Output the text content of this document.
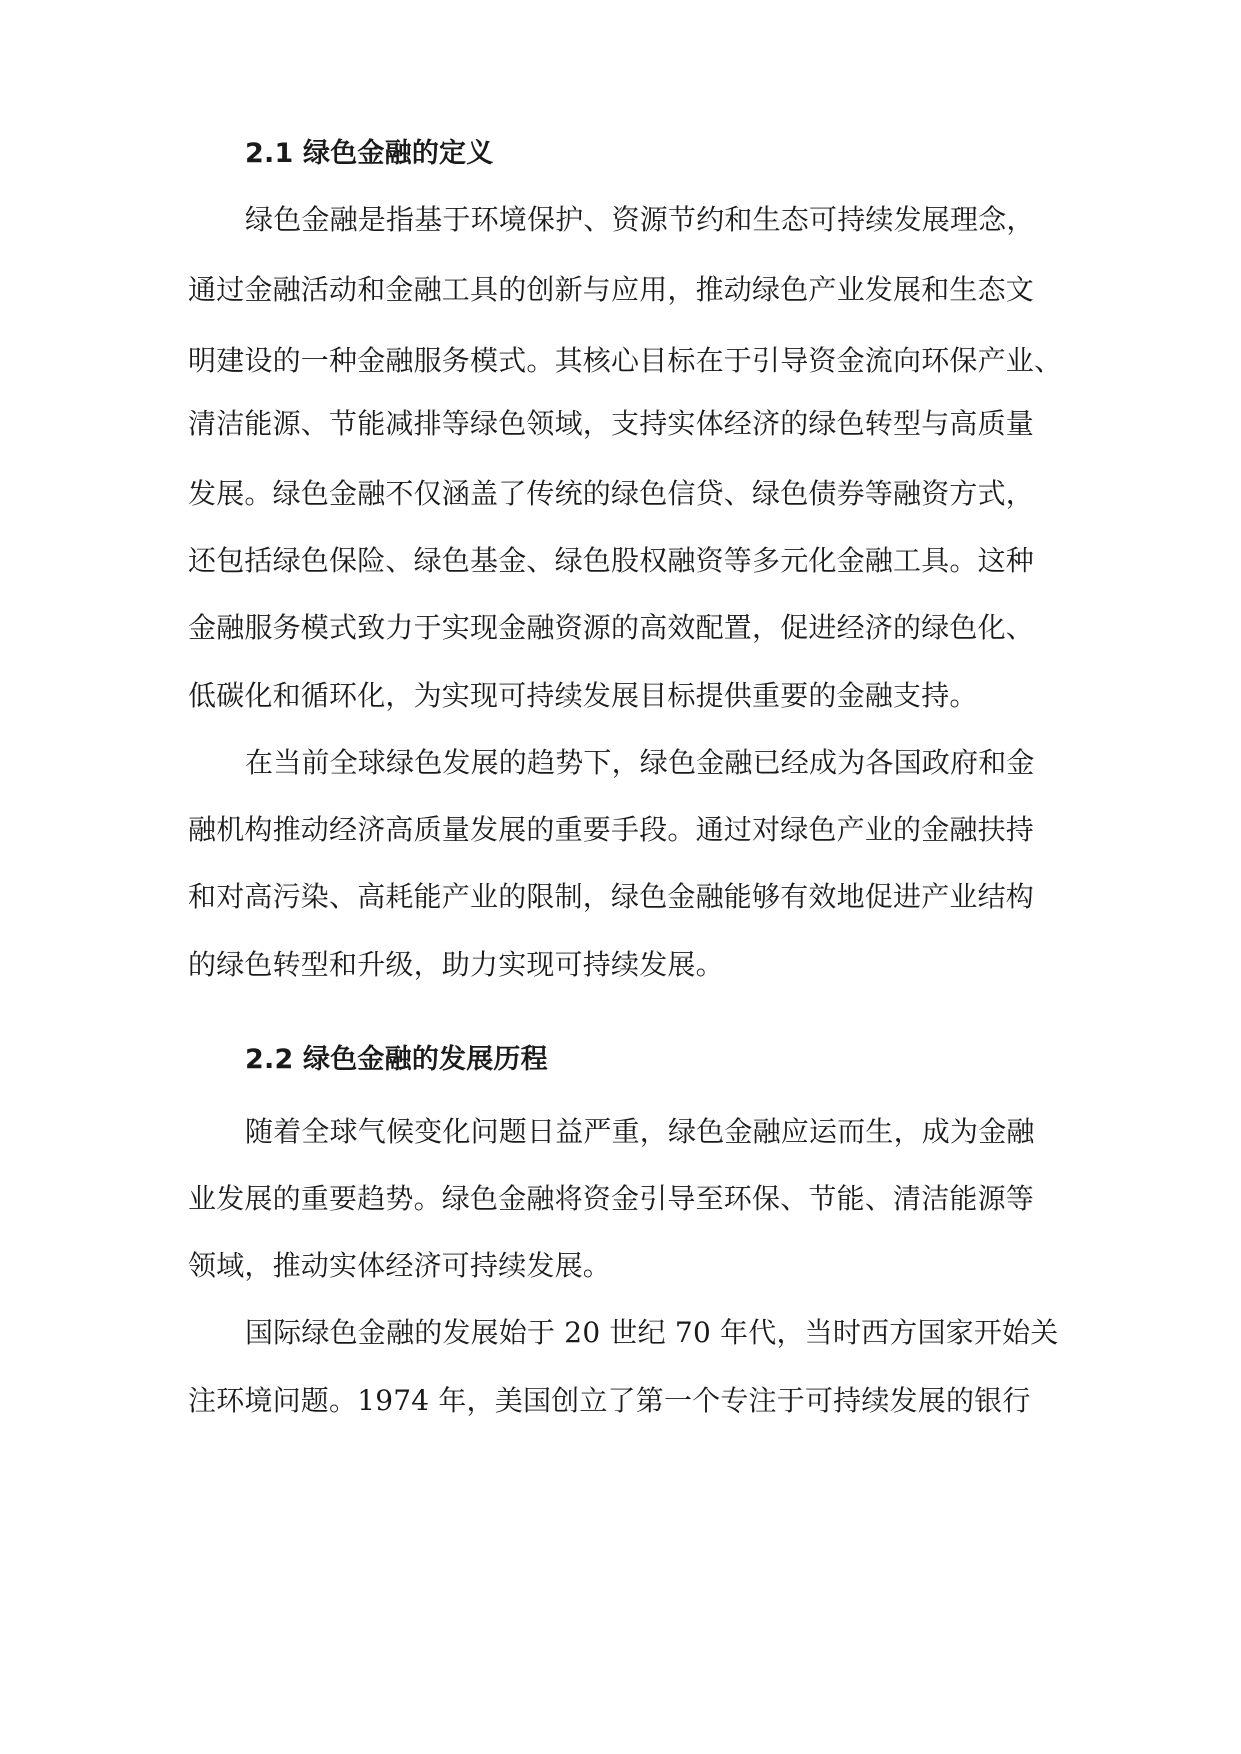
2.1 绿色金融的定义
绿色金融是指基于环境保护、资源节约和生态可持续发展理念，
通过金融活动和金融工具的创新与应用，推动绿色产业发展和生态文
明建设的一种金融服务模式。其核心目标在于引导资金流向环保产业、
清洁能源、节能减排等绿色领域，支持实体经济的绿色转型与高质量
发展。绿色金融不仅涵盖了传统的绿色信贷、绿色债券等融资方式，
还包括绿色保险、绿色基金、绿色股权融资等多元化金融工具。这种
金融服务模式致力于实现金融资源的高效配置，促进经济的绿色化、
低碳化和循环化，为实现可持续发展目标提供重要的金融支持。
在当前全球绿色发展的趋势下，绿色金融已经成为各国政府和金
融机构推动经济高质量发展的重要手段。通过对绿色产业的金融扶持
和对高污染、高耗能产业的限制，绿色金融能够有效地促进产业结构
的绿色转型和升级，助力实现可持续发展。
2.2 绿色金融的发展历程
随着全球气候变化问题日益严重，绿色金融应运而生，成为金融
业发展的重要趋势。绿色金融将资金引导至环保、节能、清洁能源等
领域，推动实体经济可持续发展。
国际绿色金融的发展始于 20 世纪 70 年代，当时西方国家开始关
注环境问题。1974 年，美国创立了第一个专注于可持续发展的银行
